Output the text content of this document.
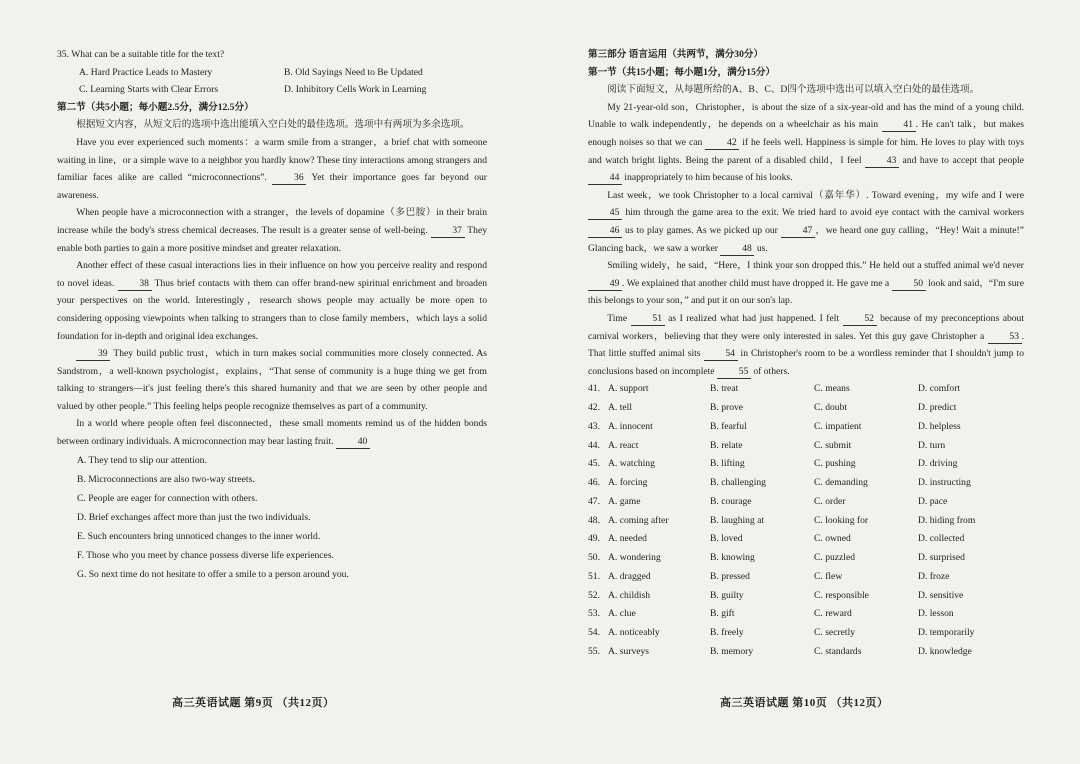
35. What can be a suitable title for the text?

A. Hard Practice Leads to Mastery	B. Old Sayings Need to Be Updated
C. Learning Starts with Clear Errors	D. Inhibitory Cells Work in Learning

第二节（共5小题；每小题2.5分，满分12.5分）

根据短文内容，从短文后的选项中选出能填入空白处的最佳选项。选项中有两项为多余选项。

Have you ever experienced such moments：a warm smile from a stranger，a brief chat with someone waiting in line，or a simple wave to a neighbor you hardly know? These tiny interactions among strangers and familiar faces alike are called “microconnections”.	36 Yet their importance goes far beyond our awareness.

When people have a microconnection with a stranger，the levels of dopamine（多巴胺）in their brain increase while the body's stress chemical decreases. The result is a greater sense of well-being.	37 They enable both parties to gain a more positive mindset and greater relaxation.

Another effect of these casual interactions lies in their influence on how you perceive reality and respond to novel ideas.	38 Thus brief contacts with them can offer brand-new spiritual enrichment and broaden your perspectives on the world. Interestingly，research shows people may actually be more open to considering opposing viewpoints when talking to strangers than to close family members，which lays a solid foundation for in-depth and original idea exchanges.

39 They build public trust，which in turn makes social communities more closely connected. As Sandstrom，a well-known psychologist，explains，“That sense of community is a huge thing we get from talking to strangers—it's just feeling there's this shared humanity and that we are seen by other people and valued by other people.” This feeling helps people recognize themselves as part of a community.

In a world where people often feel disconnected，these small moments remind us of the hidden bonds between ordinary individuals. A microconnection may bear lasting fruit.	40

A. They tend to slip our attention.
B. Microconnections are also two-way streets.
C. People are eager for connection with others.
D. Brief exchanges affect more than just the two individuals.
E. Such encounters bring unnoticed changes to the inner world.
F. Those who you meet by chance possess diverse life experiences.
G. So next time do not hesitate to offer a smile to a person around you.
高三英语试题 第9页 （共12页）

第三部分 语言运用（共两节，满分30分）

第一节（共15小题；每小题1分，满分15分）

阅读下面短文，从每题所给的A、B、C、D四个选项中选出可以填入空白处的最佳选项。

My 21-year-old son，Christopher，is about the size of a six-year-old and has the mind of a young child. Unable to walk independently，he depends on a wheelchair as his main	41 . He can't talk，but makes enough noises so that we can	42 if he feels well. Happiness is simple for him. He loves to play with toys and watch bright lights. Being the parent of a disabled child，I feel	43 and have to accept that people 44 inappropriately to him because of his looks.

Last week，we took Christopher to a local carnival（嘉年华）. Toward evening，my wife and I were 45 him through the game area to the exit. We tried hard to avoid eye contact with the carnival workers 46 us to play games. As we picked up our	47 ，we heard one guy calling，“Hey! Wait a minute!” Glancing back，we saw a worker	48 us.

Smiling widely，he said，“Here，I think your son dropped this.” He held out a stuffed animal we'd never 49 . We explained that another child must have dropped it. He gave me a	50 look and said，“I'm sure this belongs to your son，” and put it on our son's lap.

Time	51 as I realized what had just happened. I felt	52 because of my preconceptions about carnival workers，believing that they were only interested in sales. Yet this guy gave Christopher a	53 . That little stuffed animal sits	54 in Christopher's room to be a wordless reminder that I shouldn't jump to conclusions based on incomplete	55 of others.

41. A. support	B. treat	C. means	D. comfort
42. A. tell	B. prove	C. doubt	D. predict
43. A. innocent	B. fearful	C. impatient	D. helpless
44. A. react	B. relate	C. submit	D. turn
45. A. watching	B. lifting	C. pushing	D. driving
46. A. forcing	B. challenging	C. demanding	D. instructing
47. A. game	B. courage	C. order	D. pace
48. A. coming after	B. laughing at	C. looking for	D. hiding from
49. A. needed	B. loved	C. owned	D. collected
50. A. wondering	B. knowing	C. puzzled	D. surprised
51. A. dragged	B. pressed	C. flew	D. froze
52. A. childish	B. guilty	C. responsible	D. sensitive
53. A. clue	B. gift	C. reward	D. lesson
54. A. noticeably	B. freely	C. secretly	D. temporarily
55. A. surveys	B. memory	C. standards	D. knowledge
高三英语试题 第10页 （共12页）
